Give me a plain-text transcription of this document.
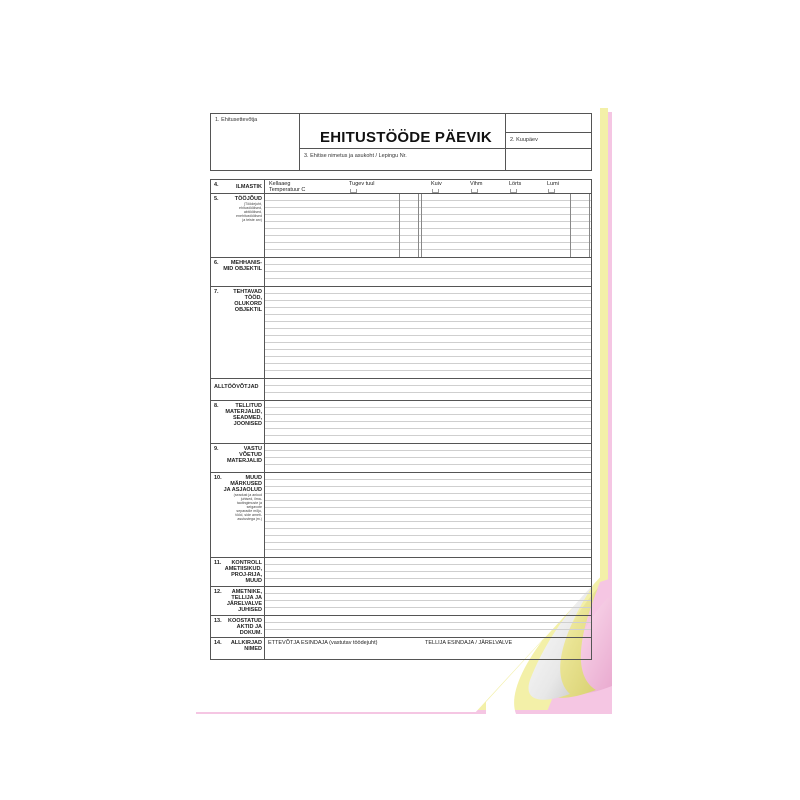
1. Ehitusettevõtja
EHITUSTÖÖDE PÄEVIK
3. Ehitise nimetus ja asukoht / Lepingu Nr.
2. Kuupäev
4.	ILMASTIK Kellaaeg
Temperatuur C
Tugev tuul	Kuiv	Vihm	Lörts	Lumi

5.	TÖÖJÕUD
(Töödejuht,
ehitustöölised,
abitöölised,
enehitustöölised
ja teiste arv)
6.	MEHHANIS-
MID OBJEKTIL
7.	TEHTAVAD
TÖÖD,
OLUKORD
OBJEKTIL
ALLTÖÖVÕTJAD
8.	TELLITUD
MATERJALID,
SEADMED,
JOONISED
9.	VASTU
VÕETUD
MATERJALID
10.	MUUD
MÄRKUSED
JA ASJAOLUD
(seadust ja ankud
juhised, ilma-
taotingimuste ja
seigavote
separadie mõju,
tööd, side ameti-
asutustega jm.)
11.	KONTROLL
AMETIISIKUD,
PROJ-RIJA,
MUUD
12.	AMETNIKE,
TELLIJA JA
JÄRELVALVE
JUHISED
13.	KOOSTATUD
AKTID JA
DOKUM.
14.	ALLKIRJAD
NIMED
ETTEVÕTJA ESINDAJA (vastutav töödejuht)	TELLIJA ESINDAJA / JÄRELVALVE
